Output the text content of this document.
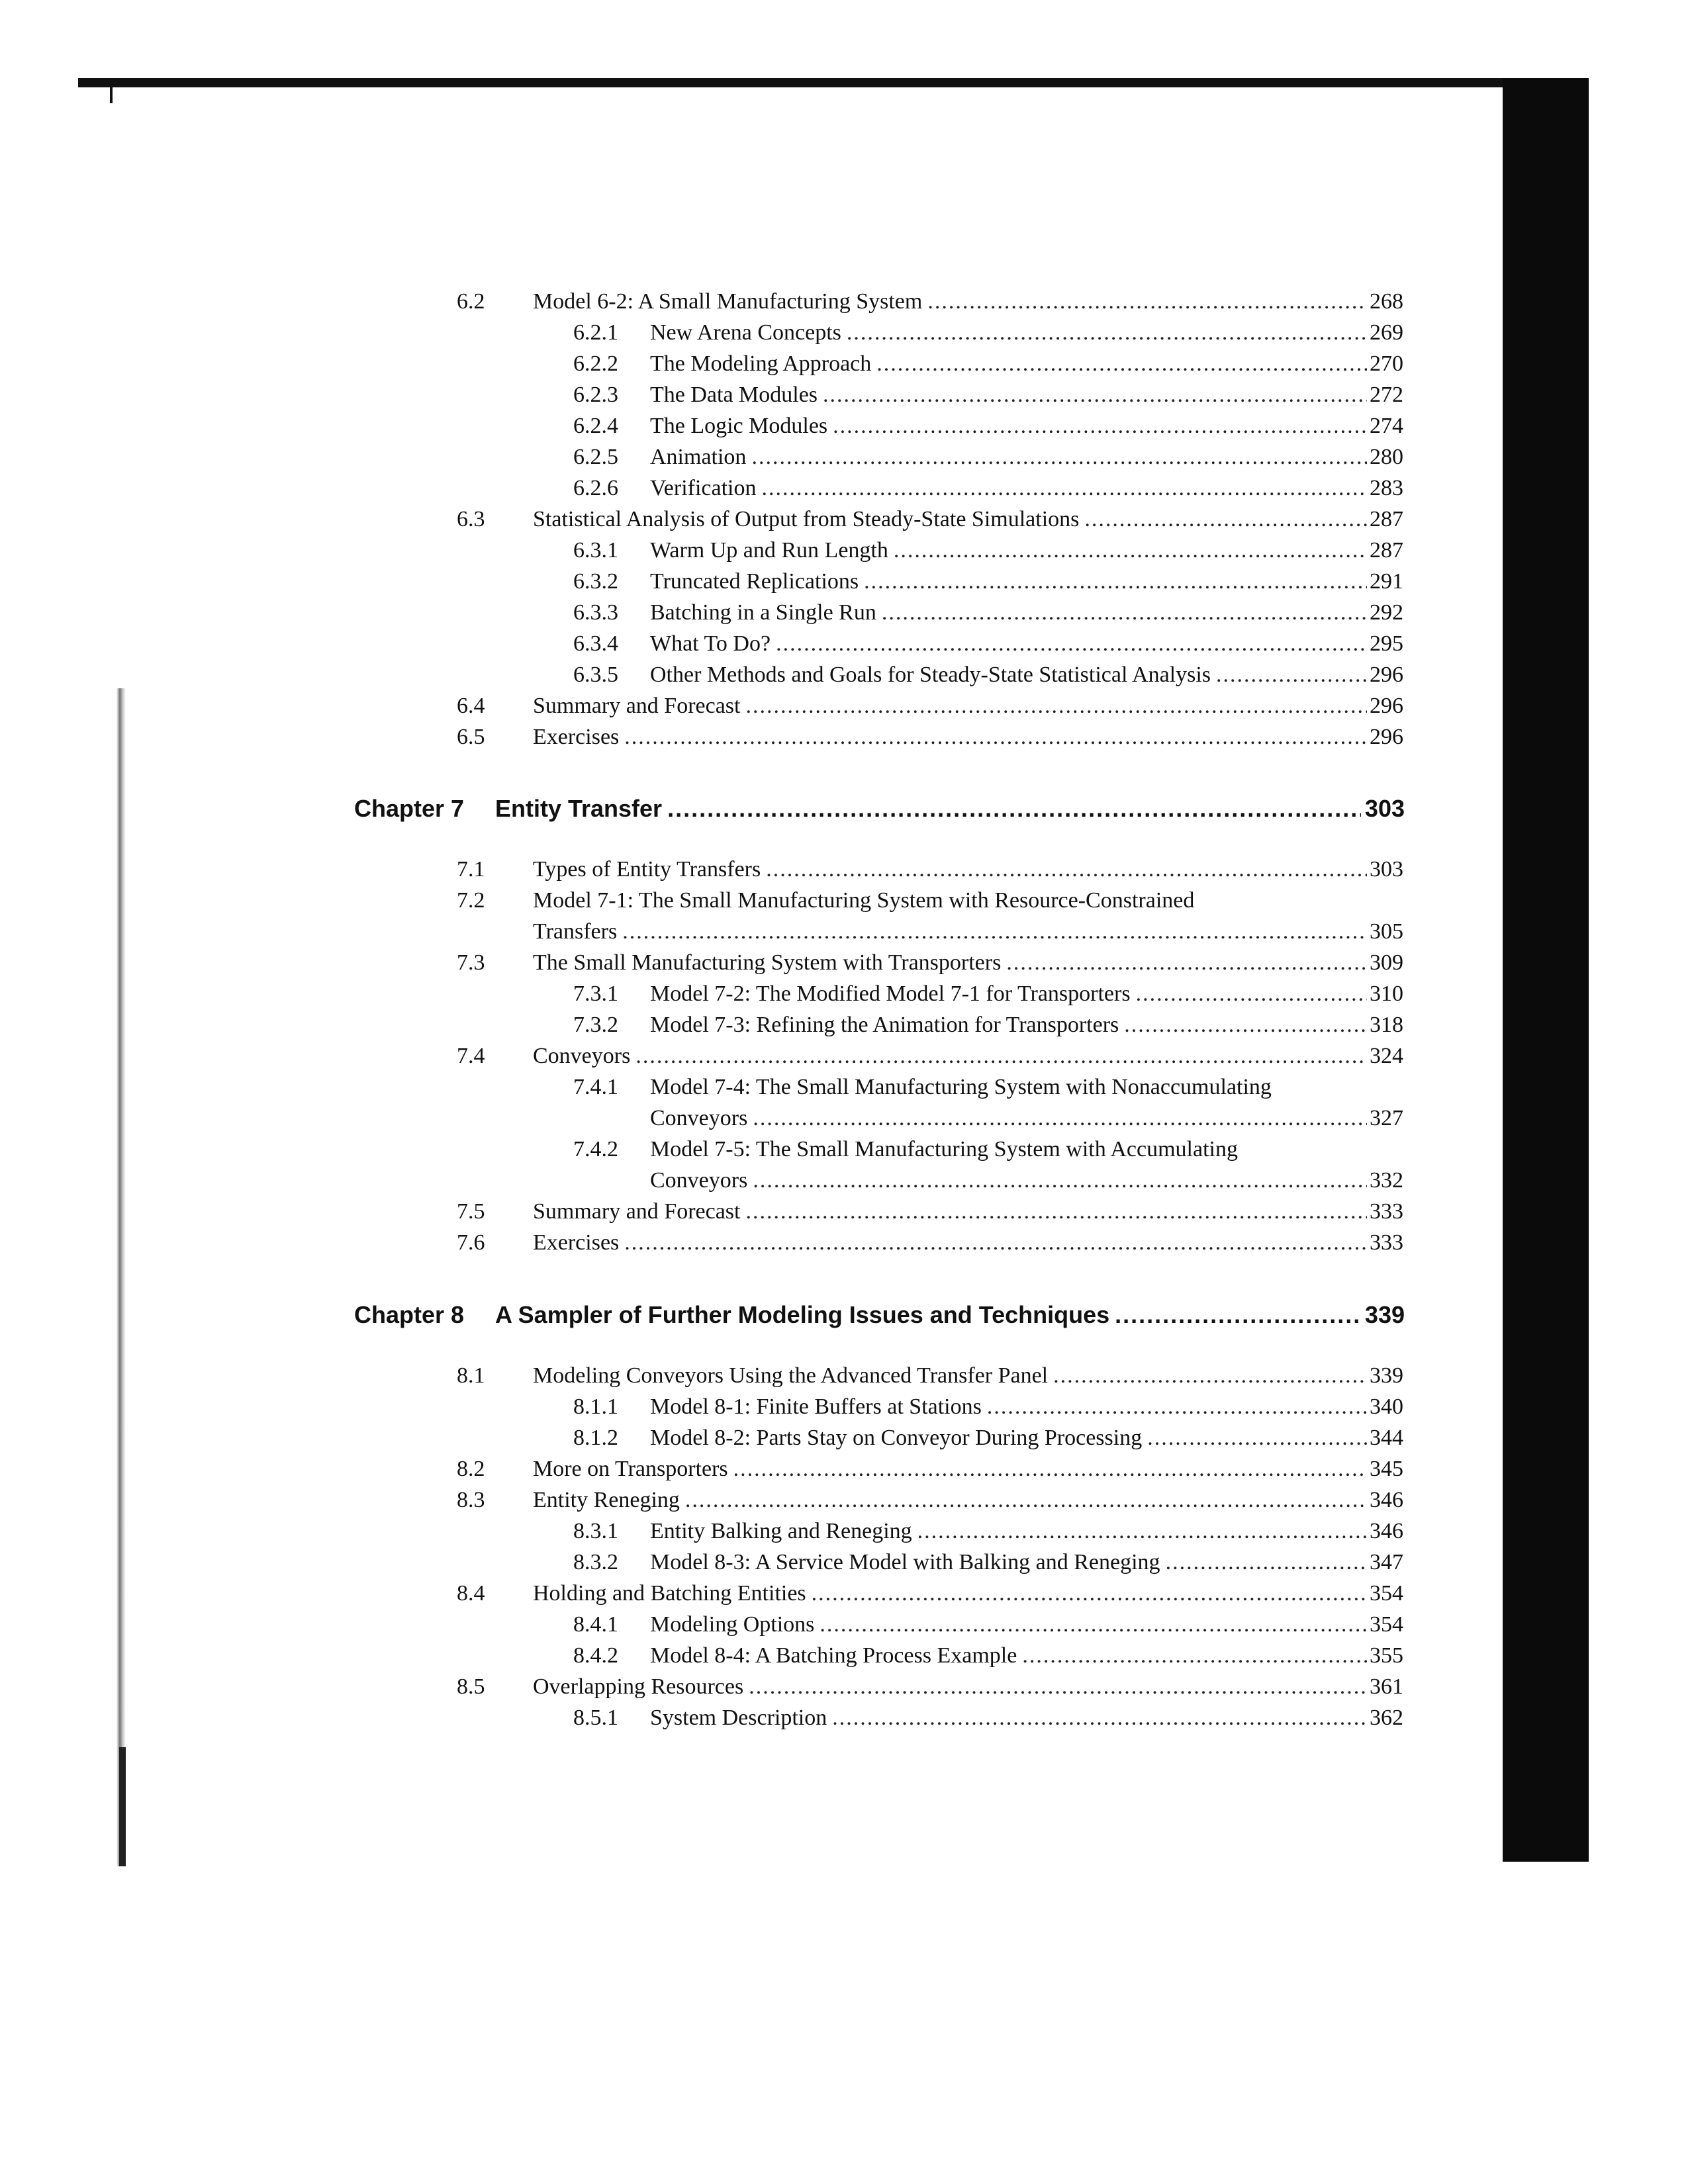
6.2 Model 6-2: A Small Manufacturing System .....	268
6.2.1 New Arena Concepts .....	269
6.2.2 The Modeling Approach .....	270
6.2.3 The Data Modules .....	272
6.2.4 The Logic Modules .....	274
6.2.5 Animation .....	280
6.2.6 Verification .....	283
6.3 Statistical Analysis of Output from Steady-State Simulations .....	287
6.3.1 Warm Up and Run Length .....	287
6.3.2 Truncated Replications .....	291
6.3.3 Batching in a Single Run .....	292
6.3.4 What To Do? .....	295
6.3.5 Other Methods and Goals for Steady-State Statistical Analysis .....	296
6.4 Summary and Forecast .....	296
6.5 Exercises .....	296
Chapter 7	Entity Transfer .....	303
7.1 Types of Entity Transfers .....	303
7.2 Model 7-1: The Small Manufacturing System with Resource-Constrained
Transfers .....	305
7.3 The Small Manufacturing System with Transporters .....	309
7.3.1 Model 7-2: The Modified Model 7-1 for Transporters .....	310
7.3.2 Model 7-3: Refining the Animation for Transporters .....	318
7.4 Conveyors .....	324
7.4.1 Model 7-4: The Small Manufacturing System with Nonaccumulating
Conveyors .....	327
7.4.2 Model 7-5: The Small Manufacturing System with Accumulating
Conveyors .....	332
7.5 Summary and Forecast .....	333
7.6 Exercises .....	333
Chapter 8	A Sampler of Further Modeling Issues and Techniques .....	339
8.1 Modeling Conveyors Using the Advanced Transfer Panel .....	339
8.1.1 Model 8-1: Finite Buffers at Stations .....	340
8.1.2 Model 8-2: Parts Stay on Conveyor During Processing .....	344
8.2 More on Transporters .....	345
8.3 Entity Reneging .....	346
8.3.1 Entity Balking and Reneging .....	346
8.3.2 Model 8-3: A Service Model with Balking and Reneging .....	347
8.4 Holding and Batching Entities .....	354
8.4.1 Modeling Options .....	354
8.4.2 Model 8-4: A Batching Process Example .....	355
8.5 Overlapping Resources .....	361
8.5.1 System Description .....	362
